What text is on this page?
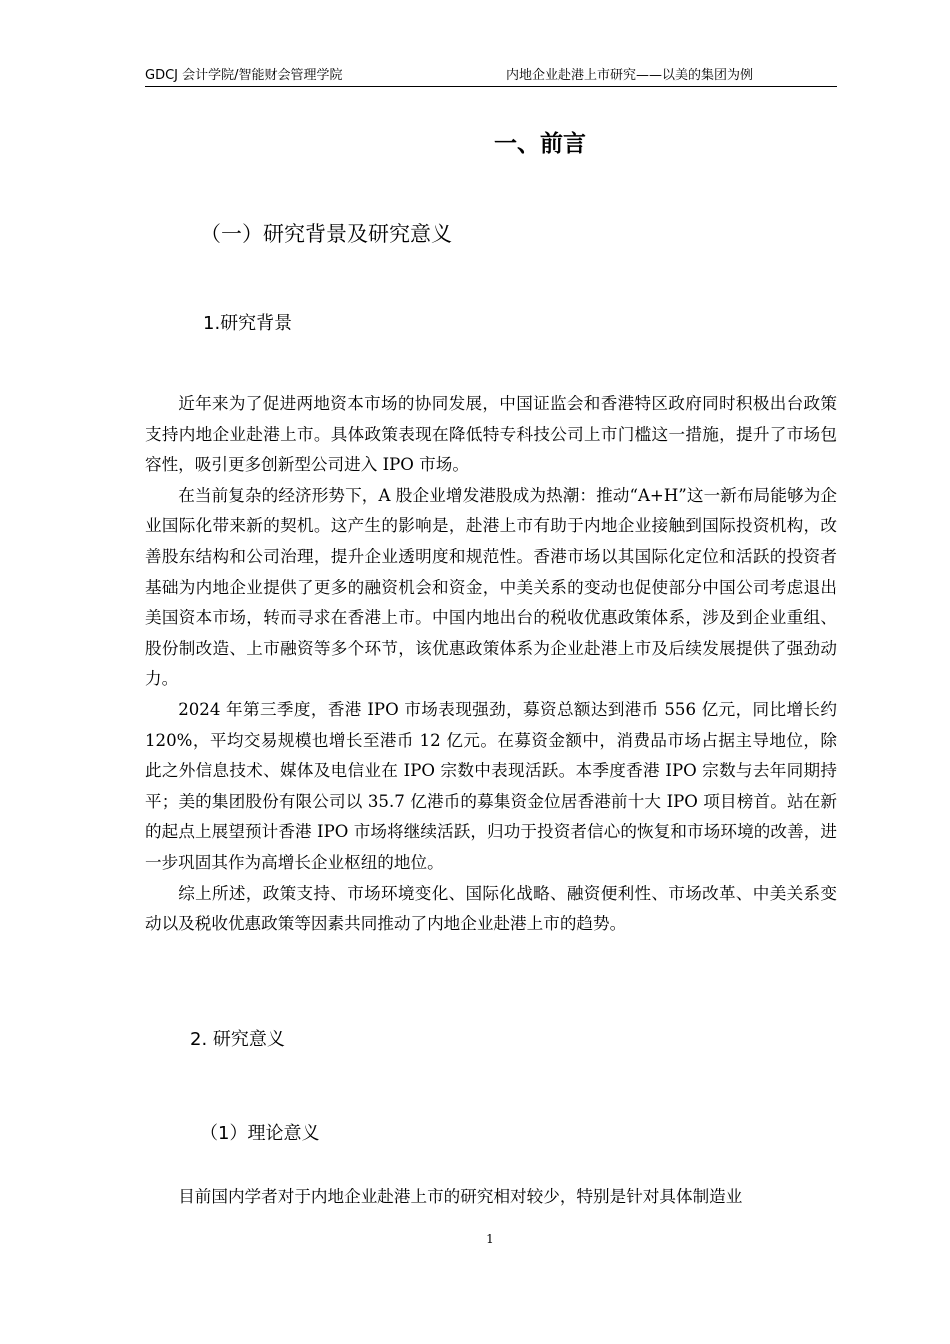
GDCJ 会计学院/智能财会管理学院	内地企业赴港上市研究——以美的集团为例
一、前言
（一）研究背景及研究意义
1.研究背景

近年来为了促进两地资本市场的协同发展，中国证监会和香港特区政府同时积极出台政策支持内地企业赴港上市。具体政策表现在降低特专科技公司上市门槛这一措施，提升了市场包容性，吸引更多创新型公司进入 IPO 市场。

在当前复杂的经济形势下，A 股企业增发港股成为热潮：推动“A+H”这一新布局能够为企业国际化带来新的契机。这产生的影响是，赴港上市有助于内地企业接触到国际投资机构，改善股东结构和公司治理，提升企业透明度和规范性。香港市场以其国际化定位和活跃的投资者基础为内地企业提供了更多的融资机会和资金，中美关系的变动也促使部分中国公司考虑退出美国资本市场，转而寻求在香港上市。中国内地出台的税收优惠政策体系，涉及到企业重组、股份制改造、上市融资等多个环节，该优惠政策体系为企业赴港上市及后续发展提供了强劲动力。

2024 年第三季度，香港 IPO 市场表现强劲，募资总额达到港币 556 亿元，同比增长约 120%，平均交易规模也增长至港币 12 亿元。在募资金额中，消费品市场占据主导地位，除此之外信息技术、媒体及电信业在 IPO 宗数中表现活跃。本季度香港 IPO 宗数与去年同期持平；美的集团股份有限公司以 35.7 亿港币的募集资金位居香港前十大 IPO 项目榜首。站在新的起点上展望预计香港 IPO 市场将继续活跃，归功于投资者信心的恢复和市场环境的改善，进一步巩固其作为高增长企业枢纽的地位。

综上所述，政策支持、市场环境变化、国际化战略、融资便利性、市场改革、中美关系变动以及税收优惠政策等因素共同推动了内地企业赴港上市的趋势。

2. 研究意义
（1）理论意义

目前国内学者对于内地企业赴港上市的研究相对较少，特别是针对具体制造业

1
